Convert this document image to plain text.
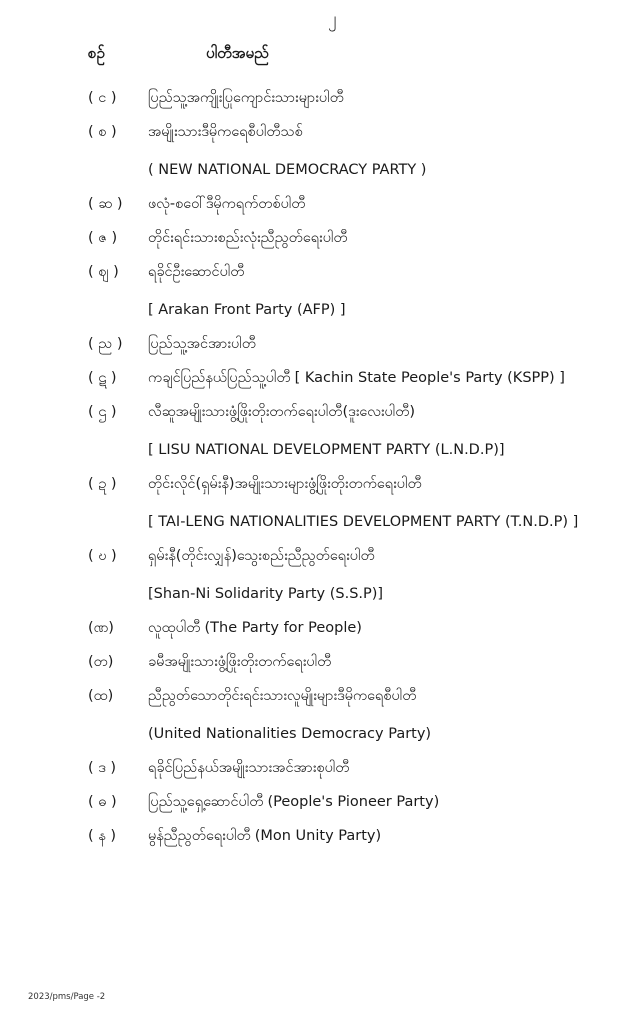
၂
စဉ်	ပါတီအမည်
( င )	ပြည်သူ့အကျိုးပြုကျောင်းသားများပါတီ
( စ )	အမျိုးသားဒီမိုကရေစီပါတီသစ်
( NEW NATIONAL DEMOCRACY PARTY )
( ဆ )	ဖလုံ-စဝေါ်ဒီမိုကရက်တစ်ပါတီ
( ဇ )	တိုင်းရင်းသားစည်းလုံးညီညွတ်ရေးပါတီ
( ဈ )	ရခိုင်ဦးဆောင်ပါတီ
[ Arakan Front Party (AFP) ]
( ည )	ပြည်သူ့အင်အားပါတီ
( ဋ )	ကချင်ပြည်နယ်ပြည်သူ့ပါတီ [ Kachin State People's Party (KSPP) ]
( ဌ )	လီဆူအမျိုးသားဖွံ့ဖြိုးတိုးတက်ရေးပါတီ(ဒူးလေးပါတီ)
[ LISU NATIONAL DEVELOPMENT PARTY (L.N.D.P)]
( ဍ )	တိုင်းလိုင်(ရှမ်းနီ)အမျိုးသားများဖွံ့ဖြိုးတိုးတက်ရေးပါတီ
[ TAI-LENG NATIONALITIES DEVELOPMENT PARTY (T.N.D.P) ]
( ဎ )	ရှမ်းနီ(တိုင်းလျှန်)သွေးစည်းညီညွတ်ရေးပါတီ
[Shan-Ni Solidarity Party (S.S.P)]
(ဏ)	လူထုပါတီ (The Party for People)
(တ)	ခမီအမျိုးသားဖွံ့ဖြိုးတိုးတက်ရေးပါတီ
(ထ)	ညီညွတ်သောတိုင်းရင်းသားလူမျိုးများဒီမိုကရေစီပါတီ
(United Nationalities Democracy Party)
( ဒ )	ရခိုင်ပြည်နယ်အမျိုးသားအင်အားစုပါတီ
( ဓ )	ပြည်သူ့ရှေ့ဆောင်ပါတီ (People's Pioneer Party)
( န )	မွန်ညီညွတ်ရေးပါတီ (Mon Unity Party)
2023/pms/Page -2
